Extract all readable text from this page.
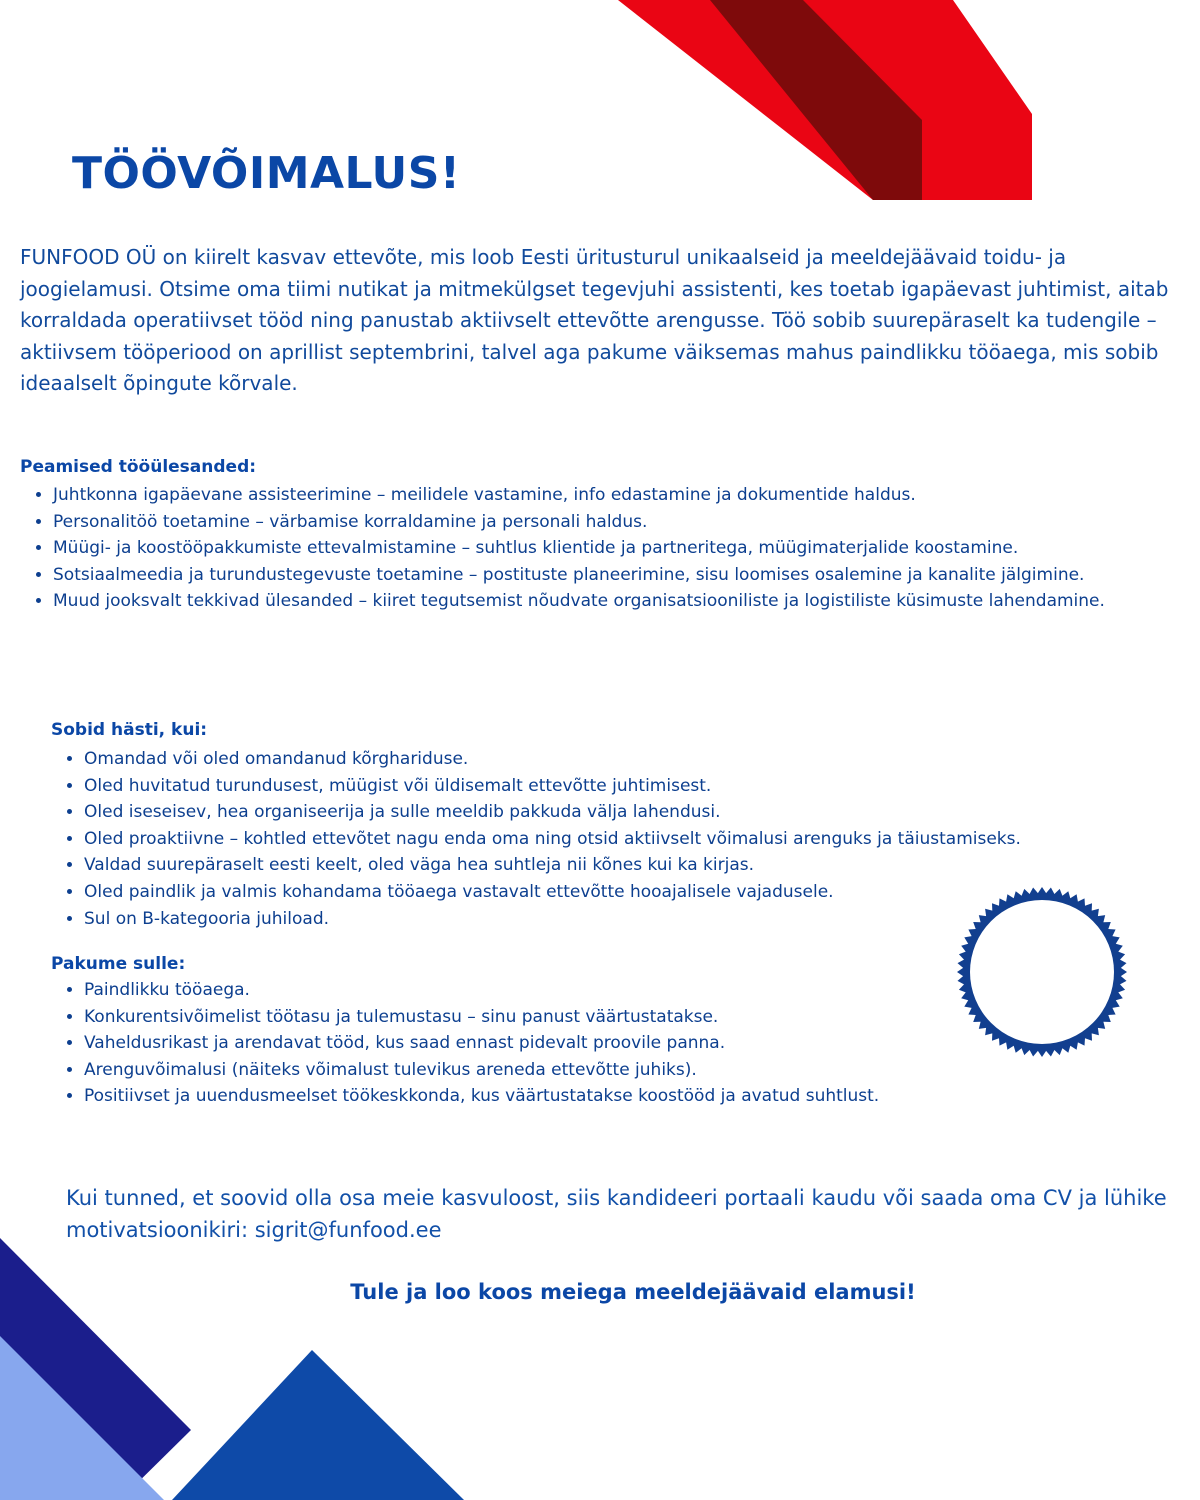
TÖÖVÕIMALUS!

FUNFOOD OÜ on kiirelt kasvav ettevõte, mis loob Eesti üritusturul unikaalseid ja meeldejäävaid toidu- ja joogielamusi. Otsime oma tiimi nutikat ja mitmekülgset tegevjuhi assistenti, kes toetab igapäevast juhtimist, aitab korraldada operatiivset tööd ning panustab aktiivselt ettevõtte arengusse. Töö sobib suurepäraselt ka tudengile – aktiivsem tööperiood on aprillist septembrini, talvel aga pakume väiksemas mahus paindlikku tööaega, mis sobib ideaalselt õpingute kõrvale.

Peamised tööülesanded:
• Juhtkonna igapäevane assisteerimine – meilidele vastamine, info edastamine ja dokumentide haldus.
• Personalitöö toetamine – värbamise korraldamine ja personali haldus.
• Müügi- ja koostööpakkumiste ettevalmistamine – suhtlus klientide ja partneritega, müügimaterjalide koostamine.
• Sotsiaalmeedia ja turundustegevuste toetamine – postituste planeerimine, sisu loomises osalemine ja kanalite jälgimine.
• Muud jooksvalt tekkivad ülesanded – kiiret tegutsemist nõudvate organisatsiooniliste ja logistiliste küsimuste lahendamine.
Sobid hästi, kui:
• Omandad või oled omandanud kõrghariduse.
• Oled huvitatud turundusest, müügist või üldisemalt ettevõtte juhtimisest.
• Oled iseseisev, hea organiseerija ja sulle meeldib pakkuda välja lahendusi.
• Oled proaktiivne – kohtled ettevõtet nagu enda oma ning otsid aktiivselt võimalusi arenguks ja täiustamiseks.
• Valdad suurepäraselt eesti keelt, oled väga hea suhtleja nii kõnes kui ka kirjas.
• Oled paindlik ja valmis kohandama tööaega vastavalt ettevõtte hooajalisele vajadusele.
• Sul on B-kategooria juhiload.
Pakume sulle:
• Paindlikku tööaega.
• Konkurentsivõimelist töötasu ja tulemustasu – sinu panust väärtustatakse.
• Vaheldusrikast ja arendavat tööd, kus saad ennast pidevalt proovile panna.
• Arenguvõimalusi (näiteks võimalust tulevikus areneda ettevõtte juhiks).
• Positiivset ja uuendusmeelset töökeskkonda, kus väärtustatakse koostööd ja avatud suhtlust.

Kui tunned, et soovid olla osa meie kasvuloost, siis kandideeri portaali kaudu või saada oma CV ja lühike motivatsioonikiri: sigrit@funfood.ee

Tule ja loo koos meiega meeldejäävaid elamusi!
